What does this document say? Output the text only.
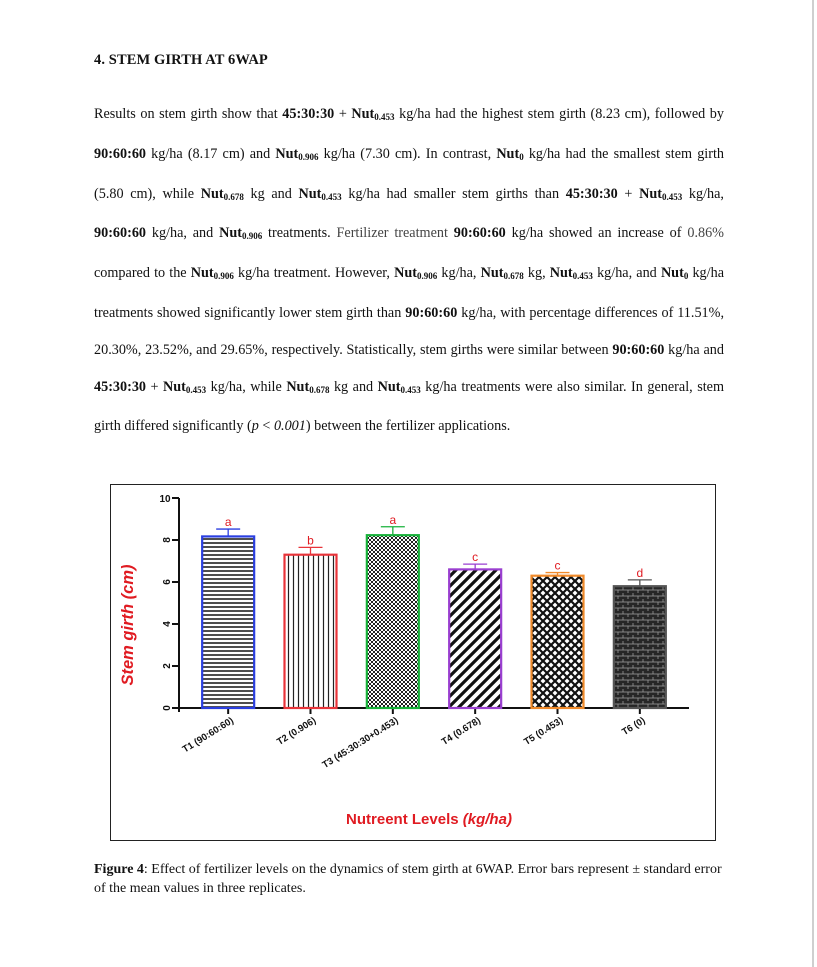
4. STEM GIRTH AT 6WAP
Results on stem girth show that 45:30:30 + Nut$_{0.453}$ kg/ha had the highest stem girth (8.23 cm), followed by 90:60:60 kg/ha (8.17 cm) and Nut$_{0.906}$ kg/ha (7.30 cm). In contrast, Nut$_0$ kg/ha had the smallest stem girth (5.80 cm), while Nut$_{0.678}$ kg and Nut$_{0.453}$ kg/ha had smaller stem girths than 45:30:30 + Nut$_{0.453}$ kg/ha, 90:60:60 kg/ha, and Nut$_{0.906}$ treatments. Fertilizer treatment 90:60:60 kg/ha showed an increase of 0.86% compared to the Nut$_{0.906}$ kg/ha treatment. However, Nut$_{0.906}$ kg/ha, Nut$_{0.678}$ kg, Nut$_{0.453}$ kg/ha, and Nut$_0$ kg/ha treatments showed significantly lower stem girth than 90:60:60 kg/ha, with percentage differences of 11.51%, 20.30%, 23.52%, and 29.65%, respectively. Statistically, stem girths were similar between 90:60:60 kg/ha and 45:30:30 + Nut$_{0.453}$ kg/ha, while Nut$_{0.678}$ kg and Nut$_{0.453}$ kg/ha treatments were also similar. In general, stem girth differed significantly (p < 0.001) between the fertilizer applications.
0
2
4
6
8
10
a
T1 (90:60:60)
b
T2 (0.906)
a
T3 (45:30:30+0.453)
c
T4 (0.678)
c
T5 (0.453)
d
T6 (0)
Stem girth (cm)
Nutreent Levels (kg/ha)
Figure 4: Effect of fertilizer levels on the dynamics of stem girth at 6WAP. Error bars represent ± standard error of the mean values in three replicates.
